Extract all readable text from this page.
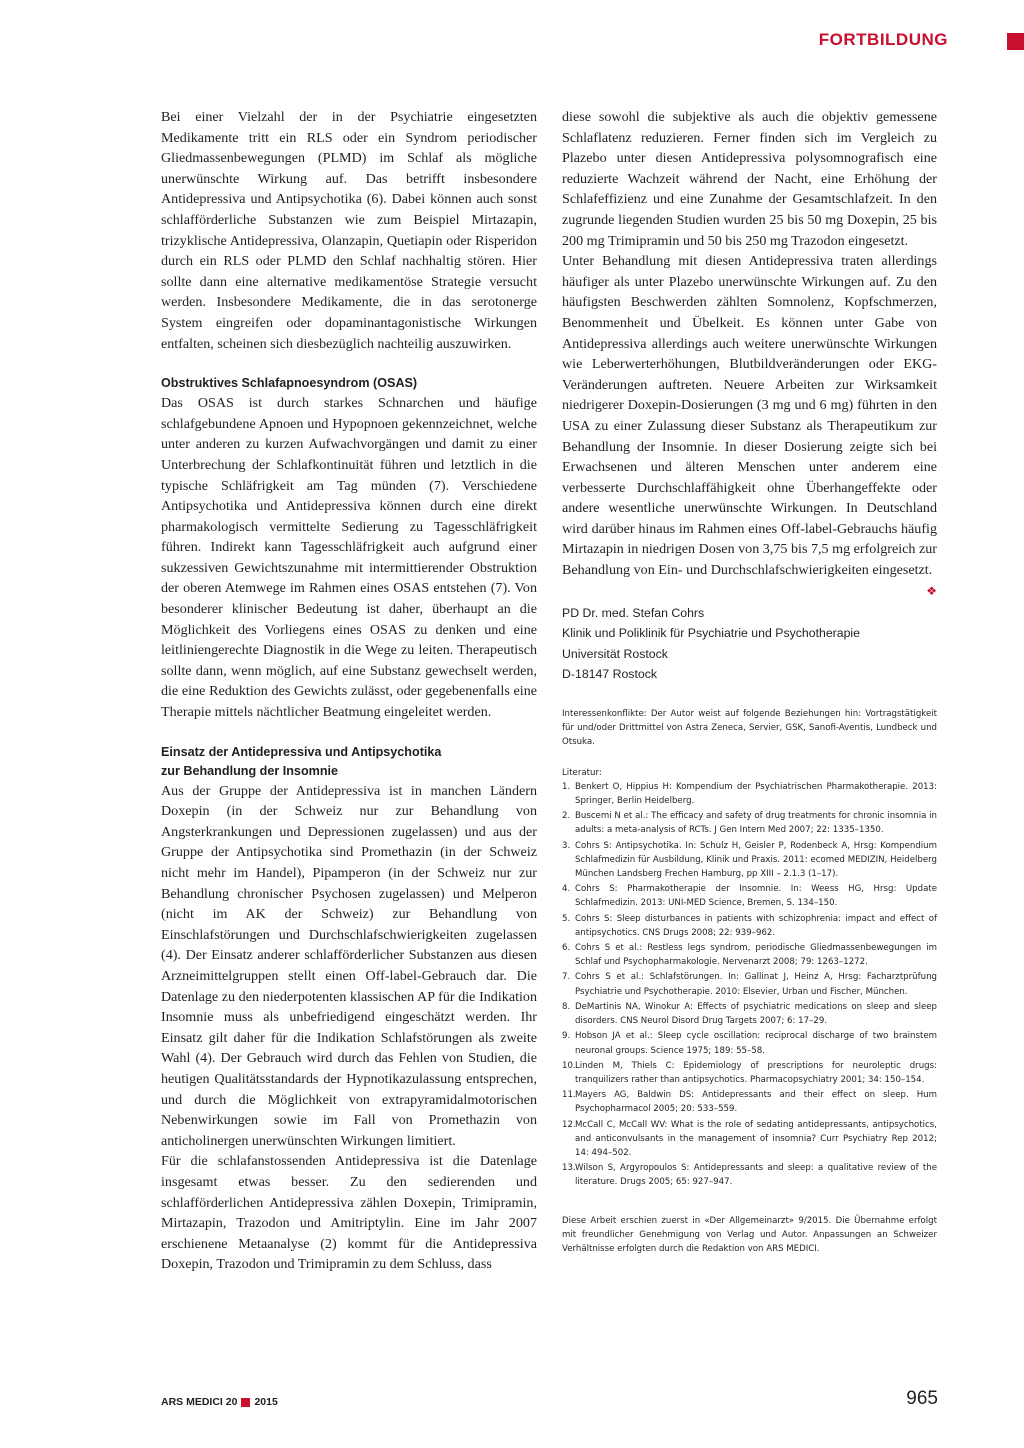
FORTBILDUNG

Bei einer Vielzahl der in der Psychiatrie eingesetzten Medikamente tritt ein RLS oder ein Syndrom periodischer Gliedmassenbewegungen (PLMD) im Schlaf als mögliche unerwünschte Wirkung auf. Das betrifft insbesondere Antidepressiva und Antipsychotika (6). Dabei können auch sonst schlafförderliche Substanzen wie zum Beispiel Mirtazapin, trizyklische Antidepressiva, Olanzapin, Quetiapin oder Risperidon durch ein RLS oder PLMD den Schlaf nachhaltig stören. Hier sollte dann eine alternative medikamentöse Strategie versucht werden. Insbesondere Medikamente, die in das serotonerge System eingreifen oder dopaminantagonistische Wirkungen entfalten, scheinen sich diesbezüglich nachteilig auszuwirken.

Obstruktives Schlafapnoesyndrom (OSAS)

Das OSAS ist durch starkes Schnarchen und häufige schlafgebundene Apnoen und Hypopnoen gekennzeichnet, welche unter anderen zu kurzen Aufwachvorgängen und damit zu einer Unterbrechung der Schlafkontinuität führen und letztlich in die typische Schläfrigkeit am Tag münden (7). Verschiedene Antipsychotika und Antidepressiva können durch eine direkt pharmakologisch vermittelte Sedierung zu Tagesschläfrigkeit führen. Indirekt kann Tagesschläfrigkeit auch aufgrund einer sukzessiven Gewichtszunahme mit intermittierender Obstruktion der oberen Atemwege im Rahmen eines OSAS entstehen (7). Von besonderer klinischer Bedeutung ist daher, überhaupt an die Möglichkeit des Vorliegens eines OSAS zu denken und eine leitliniengerechte Diagnostik in die Wege zu leiten. Therapeutisch sollte dann, wenn möglich, auf eine Substanz gewechselt werden, die eine Reduktion des Gewichts zulässt, oder gegebenenfalls eine Therapie mittels nächtlicher Beatmung eingeleitet werden.

Einsatz der Antidepressiva und Antipsychotika
zur Behandlung der Insomnie

Aus der Gruppe der Antidepressiva ist in manchen Ländern Doxepin (in der Schweiz nur zur Behandlung von Angsterkrankungen und Depressionen zugelassen) und aus der Gruppe der Antipsychotika sind Promethazin (in der Schweiz nicht mehr im Handel), Pipamperon (in der Schweiz nur zur Behandlung chronischer Psychosen zugelassen) und Melperon (nicht im AK der Schweiz) zur Behandlung von Einschlafstörungen und Durchschlafschwierigkeiten zugelassen (4). Der Einsatz anderer schlafförderlicher Substanzen aus diesen Arzneimittelgruppen stellt einen Off-label-Gebrauch dar. Die Datenlage zu den niederpotenten klassischen AP für die Indikation Insomnie muss als unbefriedigend eingeschätzt werden. Ihr Einsatz gilt daher für die Indikation Schlafstörungen als zweite Wahl (4). Der Gebrauch wird durch das Fehlen von Studien, die heutigen Qualitätsstandards der Hypnotikazulassung entsprechen, und durch die Möglichkeit von extrapyramidalmotorischen Nebenwirkungen sowie im Fall von Promethazin von anticholinergen unerwünschten Wirkungen limitiert.

Für die schlafanstossenden Antidepressiva ist die Datenlage insgesamt etwas besser. Zu den sedierenden und schlafförderlichen Antidepressiva zählen Doxepin, Trimipramin, Mirtazapin, Trazodon und Amitriptylin. Eine im Jahr 2007 erschienene Metaanalyse (2) kommt für die Antidepressiva Doxepin, Trazodon und Trimipramin zu dem Schluss, dass

diese sowohl die subjektive als auch die objektiv gemessene Schlaflatenz reduzieren. Ferner finden sich im Vergleich zu Plazebo unter diesen Antidepressiva polysomnografisch eine reduzierte Wachzeit während der Nacht, eine Erhöhung der Schlafeffizienz und eine Zunahme der Gesamtschlafzeit. In den zugrunde liegenden Studien wurden 25 bis 50 mg Doxepin, 25 bis 200 mg Trimipramin und 50 bis 250 mg Trazodon eingesetzt.

Unter Behandlung mit diesen Antidepressiva traten allerdings häufiger als unter Plazebo unerwünschte Wirkungen auf. Zu den häufigsten Beschwerden zählten Somnolenz, Kopfschmerzen, Benommenheit und Übelkeit. Es können unter Gabe von Antidepressiva allerdings auch weitere unerwünschte Wirkungen wie Leberwerterhöhungen, Blutbildveränderungen oder EKG-Veränderungen auftreten. Neuere Arbeiten zur Wirksamkeit niedrigerer Doxepin-Dosierungen (3 mg und 6 mg) führten in den USA zu einer Zulassung dieser Substanz als Therapeutikum zur Behandlung der Insomnie. In dieser Dosierung zeigte sich bei Erwachsenen und älteren Menschen unter anderem eine verbesserte Durchschlaffähigkeit ohne Überhangeffekte oder andere wesentliche unerwünschte Wirkungen. In Deutschland wird darüber hinaus im Rahmen eines Off-label-Gebrauchs häufig Mirtazapin in niedrigen Dosen von 3,75 bis 7,5 mg erfolgreich zur Behandlung von Ein- und Durchschlafschwierigkeiten eingesetzt.
❖

PD Dr. med. Stefan Cohrs
Klinik und Poliklinik für Psychiatrie und Psychotherapie
Universität Rostock
D-18147 Rostock
Interessenkonflikte: Der Autor weist auf folgende Beziehungen hin: Vortragstätigkeit für und/oder Drittmittel von Astra Zeneca, Servier, GSK, Sanofi-Aventis, Lundbeck und Otsuka.
Literatur:
1. Benkert O, Hippius H: Kompendium der Psychiatrischen Pharmakotherapie. 2013: Springer, Berlin Heidelberg.
2. Buscemi N et al.: The efficacy and safety of drug treatments for chronic insomnia in adults: a meta-analysis of RCTs. J Gen Intern Med 2007; 22: 1335–1350.
3. Cohrs S: Antipsychotika. In: Schulz H, Geisler P, Rodenbeck A, Hrsg: Kompendium Schlafmedizin für Ausbildung, Klinik und Praxis. 2011: ecomed MEDIZIN, Heidelberg München Landsberg Frechen Hamburg, pp XIII – 2.1.3 (1–17).
4. Cohrs S: Pharmakotherapie der Insomnie. In: Weess HG, Hrsg: Update Schlafmedizin. 2013: UNI-MED Science, Bremen, S. 134–150.
5. Cohrs S: Sleep disturbances in patients with schizophrenia: impact and effect of antipsychotics. CNS Drugs 2008; 22: 939–962.
6. Cohrs S et al.: Restless legs syndrom, periodische Gliedmassenbewegungen im Schlaf und Psychopharmakologie. Nervenarzt 2008; 79: 1263–1272.
7. Cohrs S et al.: Schlafstörungen. In: Gallinat J, Heinz A, Hrsg: Facharztprüfung Psychiatrie und Psychotherapie. 2010: Elsevier, Urban und Fischer, München.
8. DeMartinis NA, Winokur A: Effects of psychiatric medications on sleep and sleep disorders. CNS Neurol Disord Drug Targets 2007; 6: 17–29.
9. Hobson JA et al.: Sleep cycle oscillation: reciprocal discharge of two brainstem neuronal groups. Science 1975; 189: 55–58.
10. Linden M, Thiels C: Epidemiology of prescriptions for neuroleptic drugs: tranquilizers rather than antipsychotics. Pharmacopsychiatry 2001; 34: 150–154.
11. Mayers AG, Baldwin DS: Antidepressants and their effect on sleep. Hum Psychopharmacol 2005; 20: 533–559.
12. McCall C, McCall WV: What is the role of sedating antidepressants, antipsychotics, and anticonvulsants in the management of insomnia? Curr Psychiatry Rep 2012; 14: 494–502.
13. Wilson S, Argyropoulos S: Antidepressants and sleep: a qualitative review of the literature. Drugs 2005; 65: 927–947.
Diese Arbeit erschien zuerst in «Der Allgemeinarzt» 9/2015. Die Übernahme erfolgt mit freundlicher Genehmigung von Verlag und Autor. Anpassungen an Schweizer Verhältnisse erfolgten durch die Redaktion von ARS MEDICI.
ARS MEDICI 20 2015	965
